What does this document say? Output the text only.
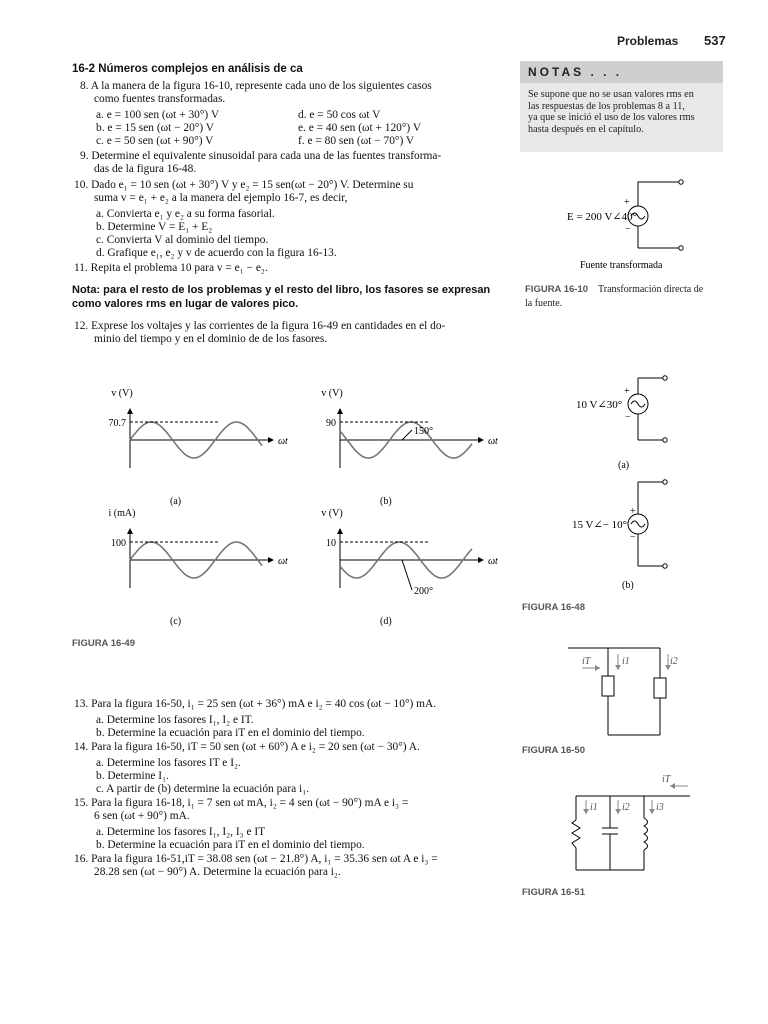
Problemas 537
16-2 Números complejos en análisis de ca
8. A la manera de la figura 16-10, represente cada uno de los siguientes casos
como fuentes transformadas.
a. e = 100 sen (ωt + 30°) V	d. e = 50 cos ωt V
b. e = 15 sen (ωt − 20°) V	e. e = 40 sen (ωt + 120°) V
c. e = 50 sen (ωt + 90°) V	f. e = 80 sen (ωt − 70°) V
9. Determine el equivalente sinusoidal para cada una de las fuentes transforma-
das de la figura 16-48.
10. Dado e₁ = 10 sen (ωt + 30°) V y e₂ = 15 sen(ωt − 20°) V. Determine su
suma v = e₁ + e₂ a la manera del ejemplo 16-7, es decir,
a. Convierta e₁ y e₂ a su forma fasorial.
b. Determine V = E₁ + E₂
c. Convierta V al dominio del tiempo.
d. Grafique e₁, e₂ y v de acuerdo con la figura 16-13.
11. Repita el problema 10 para v = e₁ − e₂.
Nota: para el resto de los problemas y el resto del libro, los fasores se expresan
como valores rms en lugar de valores pico.
12. Exprese los voltajes y las corrientes de la figura 16-49 en cantidades en el do-
minio del tiempo y en el dominio de de los fasores.
13. Para la figura 16-50, i₁ = 25 sen (ωt + 36°) mA e i₂ = 40 cos (ωt − 10°) mA.
a. Determine los fasores I₁, I₂ e IT.
b. Determine la ecuación para iT en el dominio del tiempo.
14. Para la figura 16-50, iT = 50 sen (ωt + 60°) A e i₂ = 20 sen (ωt − 30°) A.
a. Determine los fasores IT e I₂.
b. Determine I₁.
c. A partir de (b) determine la ecuación para i₁.
15. Para la figura 16-18, i₁ = 7 sen ωt mA, i₂ = 4 sen (ωt − 90°) mA e i₃ =
6 sen (ωt + 90°) mA.
a. Determine los fasores I₁, I₂, I₃ e IT
b. Determine la ecuación para iT en el dominio del tiempo.
16. Para la figura 16-51,iT = 38.08 sen (ωt − 21.8°) A, i₁ = 35.36 sen ωt A e i₃ =
28.28 sen (ωt − 90°) A. Determine la ecuación para i₂.
NOTAS . . .
Se supone que no se usan valores rms en
las respuestas de los problemas 8 a 11,
ya que se inició el uso de los valores rms
hasta después en el capítulo.
+
−
E = 200 V∠40°
Fuente transformada
FIGURA 16-10 Transformación directa de
la fuente.
+
−
10 V∠30°
(a)
+
−
15 V∠− 10°
(b)
FIGURA 16-48
v (V)
70.7
ωt
(a)
v (V)
90
ωt
(b)
150°
i (mA)
100
ωt
(c)
v (V)
10
ωt
(d)
200°
FIGURA 16-49
iT	i1	i2
FIGURA 16-50
iT
i1 i2	i3
FIGURA 16-51
